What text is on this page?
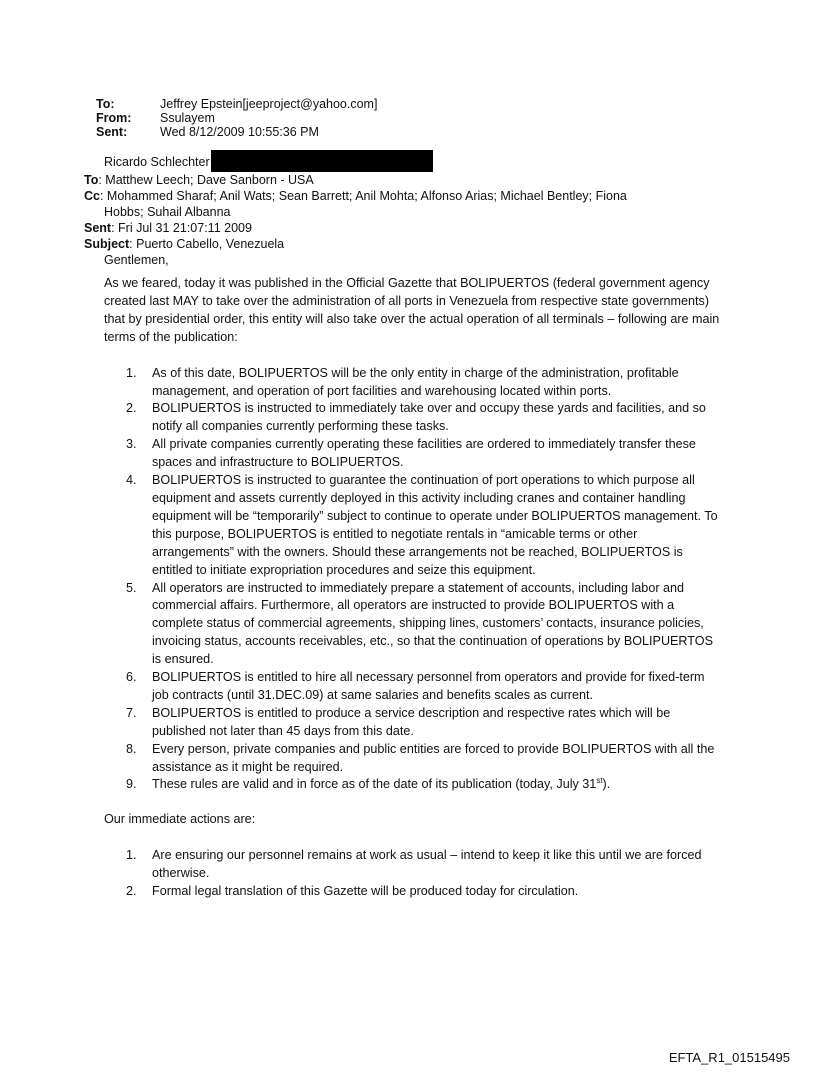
To:	Jeffrey Epstein[jeeproject@yahoo.com]
From:	Ssulayem
Sent:	Wed 8/12/2009 10:55:36 PM
Ricardo Schlechter
To: Matthew Leech; Dave Sanborn - USA
Cc: Mohammed Sharaf; Anil Wats; Sean Barrett; Anil Mohta; Alfonso Arias; Michael Bentley; Fiona
Hobbs; Suhail Albanna
Sent: Fri Jul 31 21:07:11 2009
Subject: Puerto Cabello, Venezuela
Gentlemen,

As we feared, today it was published in the Official Gazette that BOLIPUERTOS (federal government agency created last MAY to take over the administration of all ports in Venezuela from respective state governments) that by presidential order, this entity will also take over the actual operation of all terminals – following are main terms of the publication:

1. As of this date, BOLIPUERTOS will be the only entity in charge of the administration, profitable management, and operation of port facilities and warehousing located within ports.
2. BOLIPUERTOS is instructed to immediately take over and occupy these yards and facilities, and so notify all companies currently performing these tasks.
3. All private companies currently operating these facilities are ordered to immediately transfer these spaces and infrastructure to BOLIPUERTOS.
4. BOLIPUERTOS is instructed to guarantee the continuation of port operations to which purpose all equipment and assets currently deployed in this activity including cranes and container handling equipment will be “temporarily” subject to continue to operate under BOLIPUERTOS management. To this purpose, BOLIPUERTOS is entitled to negotiate rentals in “amicable terms or other arrangements” with the owners. Should these arrangements not be reached, BOLIPUERTOS is entitled to initiate expropriation procedures and seize this equipment.
5. All operators are instructed to immediately prepare a statement of accounts, including labor and commercial affairs. Furthermore, all operators are instructed to provide BOLIPUERTOS with a complete status of commercial agreements, shipping lines, customers’ contacts, insurance policies, invoicing status, accounts receivables, etc., so that the continuation of operations by BOLIPUERTOS is ensured.
6. BOLIPUERTOS is entitled to hire all necessary personnel from operators and provide for fixed-term job contracts (until 31.DEC.09) at same salaries and benefits scales as current.
7. BOLIPUERTOS is entitled to produce a service description and respective rates which will be published not later than 45 days from this date.
8. Every person, private companies and public entities are forced to provide BOLIPUERTOS with all the assistance as it might be required.
9. These rules are valid and in force as of the date of its publication (today, July 31st).

Our immediate actions are:

1. Are ensuring our personnel remains at work as usual – intend to keep it like this until we are forced otherwise.
2. Formal legal translation of this Gazette will be produced today for circulation.
EFTA_R1_01515495
